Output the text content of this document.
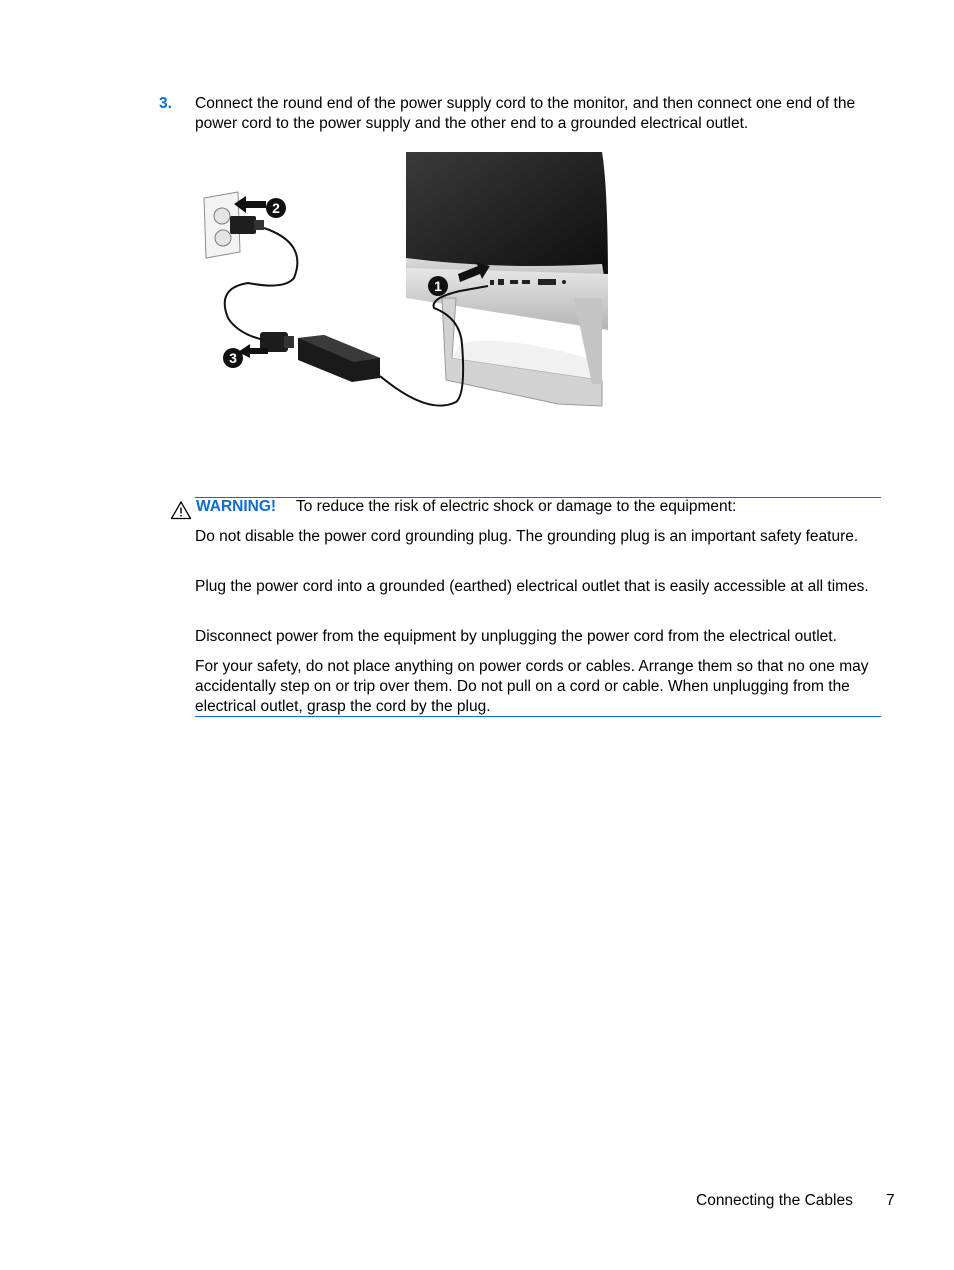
3. Connect the round end of the power supply cord to the monitor, and then connect one end of the power cord to the power supply and the other end to a grounded electrical outlet.
1
2
3
WARNING! To reduce the risk of electric shock or damage to the equipment:
Do not disable the power cord grounding plug. The grounding plug is an important safety feature.
Plug the power cord into a grounded (earthed) electrical outlet that is easily accessible at all times.
Disconnect power from the equipment by unplugging the power cord from the electrical outlet.
For your safety, do not place anything on power cords or cables. Arrange them so that no one may accidentally step on or trip over them. Do not pull on a cord or cable. When unplugging from the electrical outlet, grasp the cord by the plug.
Connecting the Cables 7
